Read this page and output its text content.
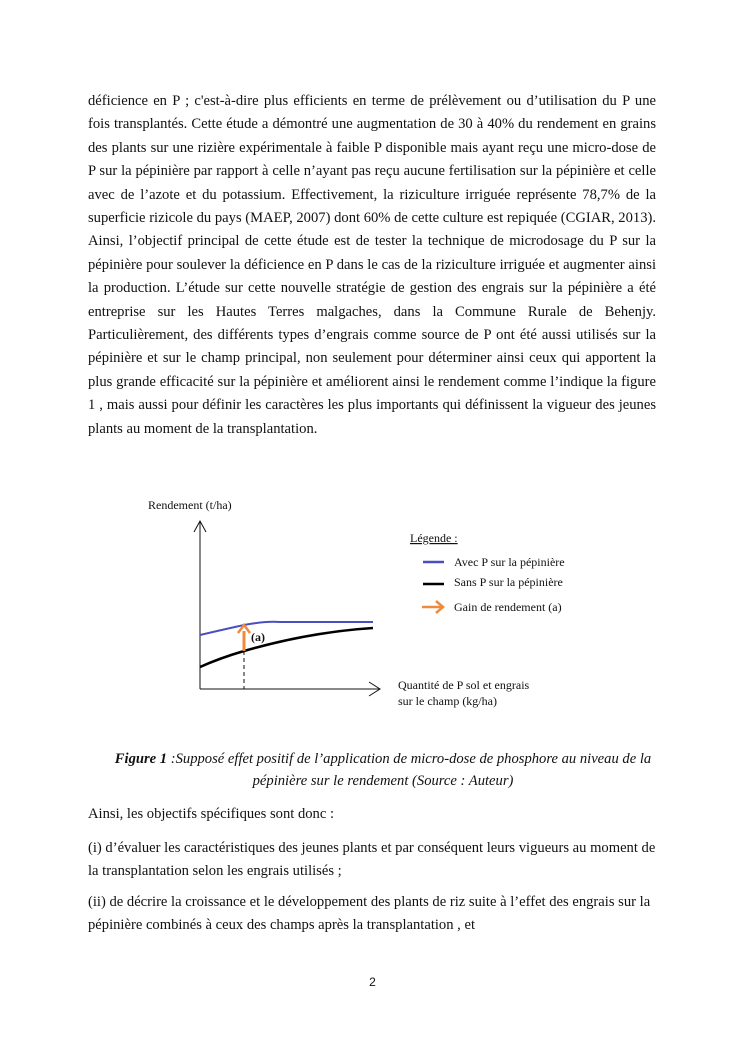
déficience en P ; c'est-à-dire plus efficients en terme de prélèvement ou d’utilisation du P une fois transplantés. Cette étude a démontré une augmentation de 30 à 40% du rendement en grains des plants sur une rizière expérimentale à faible P disponible mais ayant reçu une micro-dose de P sur la pépinière par rapport à celle n’ayant pas reçu aucune fertilisation sur la pépinière et celle avec de l’azote et du potassium. Effectivement, la riziculture irriguée représente 78,7% de la superficie rizicole du pays (MAEP, 2007) dont 60% de cette culture est repiquée (CGIAR, 2013). Ainsi, l’objectif principal de cette étude est de tester la technique de microdosage du P sur la pépinière pour soulever la déficience en P dans le cas de la riziculture irriguée et augmenter ainsi la production. L’étude sur cette nouvelle stratégie de gestion des engrais sur la pépinière a été entreprise sur les Hautes Terres malgaches, dans la Commune Rurale de Behenjy. Particulièrement, des différents types d’engrais comme source de P ont été aussi utilisés sur la pépinière et sur le champ principal, non seulement pour déterminer ainsi ceux qui apportent la plus grande efficacité sur la pépinière et améliorent ainsi le rendement comme l’indique la figure 1 , mais aussi pour définir les caractères les plus importants qui définissent la vigueur des jeunes plants au moment de la transplantation.

Rendement (t/ha)
(a)
Légende :
Avec P sur la pépinière
Sans P sur la pépinière
Gain de rendement (a)
Quantité de P sol et engrais
sur le champ (kg/ha)
Figure 1 :Supposé effet positif de l’application de micro-dose de phosphore au niveau de la pépinière sur le rendement (Source : Auteur)

Ainsi, les objectifs spécifiques sont donc :

(i) d’évaluer les caractéristiques des jeunes plants et par conséquent leurs vigueurs au moment de la transplantation selon les engrais utilisés ;

(ii) de décrire la croissance et le développement des plants de riz suite à l’effet des engrais sur la pépinière combinés à ceux des champs après la transplantation , et

2
